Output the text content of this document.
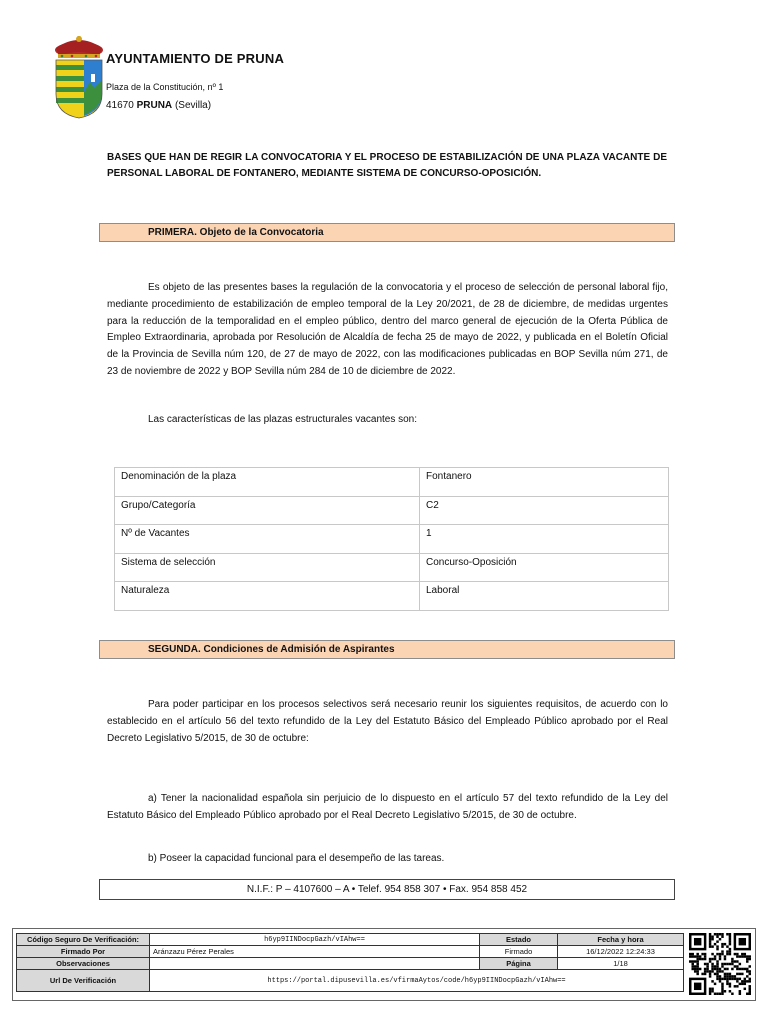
AYUNTAMIENTO DE PRUNA
Plaza de la Constitución, nº 1
41670 PRUNA (Sevilla)
BASES QUE HAN DE REGIR LA CONVOCATORIA Y EL PROCESO DE ESTABILIZACIÓN DE UNA PLAZA VACANTE DE PERSONAL LABORAL DE FONTANERO, MEDIANTE SISTEMA DE CONCURSO-OPOSICIÓN.
PRIMERA. Objeto de la Convocatoria
Es objeto de las presentes bases la regulación de la convocatoria y el proceso de selección de personal laboral fijo, mediante procedimiento de estabilización de empleo temporal de la Ley 20/2021, de 28 de diciembre, de medidas urgentes para la reducción de la temporalidad en el empleo público, dentro del marco general de ejecución de la Oferta Pública de Empleo Extraordinaria, aprobada por Resolución de Alcaldía de fecha 25 de mayo de 2022, y publicada en el Boletín Oficial de la Provincia de Sevilla núm 120, de 27 de mayo de 2022, con las modificaciones publicadas en BOP Sevilla núm 271, de 23 de noviembre de 2022 y BOP Sevilla núm 284 de 10 de diciembre de 2022.
Las características de las plazas estructurales vacantes son:
Denominación de la plaza	Fontanero
Grupo/Categoría	C2
Nº de Vacantes	1
Sistema de selección	Concurso-Oposición
Naturaleza	Laboral
SEGUNDA. Condiciones de Admisión de Aspirantes
Para poder participar en los procesos selectivos será necesario reunir los siguientes requisitos, de acuerdo con lo establecido en el artículo 56 del texto refundido de la Ley del Estatuto Básico del Empleado Público aprobado por el Real Decreto Legislativo 5/2015, de 30 de octubre:
a) Tener la nacionalidad española sin perjuicio de lo dispuesto en el artículo 57 del texto refundido de la Ley del Estatuto Básico del Empleado Público aprobado por el Real Decreto Legislativo 5/2015, de 30 de octubre.
b) Poseer la capacidad funcional para el desempeño de las tareas.
N.I.F.: P – 4107600 – A • Telef. 954 858 307 • Fax. 954 858 452
Código Seguro De Verificación:	h6yp9IINDocpGazh/vIAhw==	Estado	Fecha y hora
Firmado Por	Aránzazu Pérez Perales	Firmado	16/12/2022 12:24:33
Observaciones		Página	1/18
Url De Verificación	https://portal.dipusevilla.es/vfirmaAytos/code/h6yp9IINDocpGazh/vIAhw==		
